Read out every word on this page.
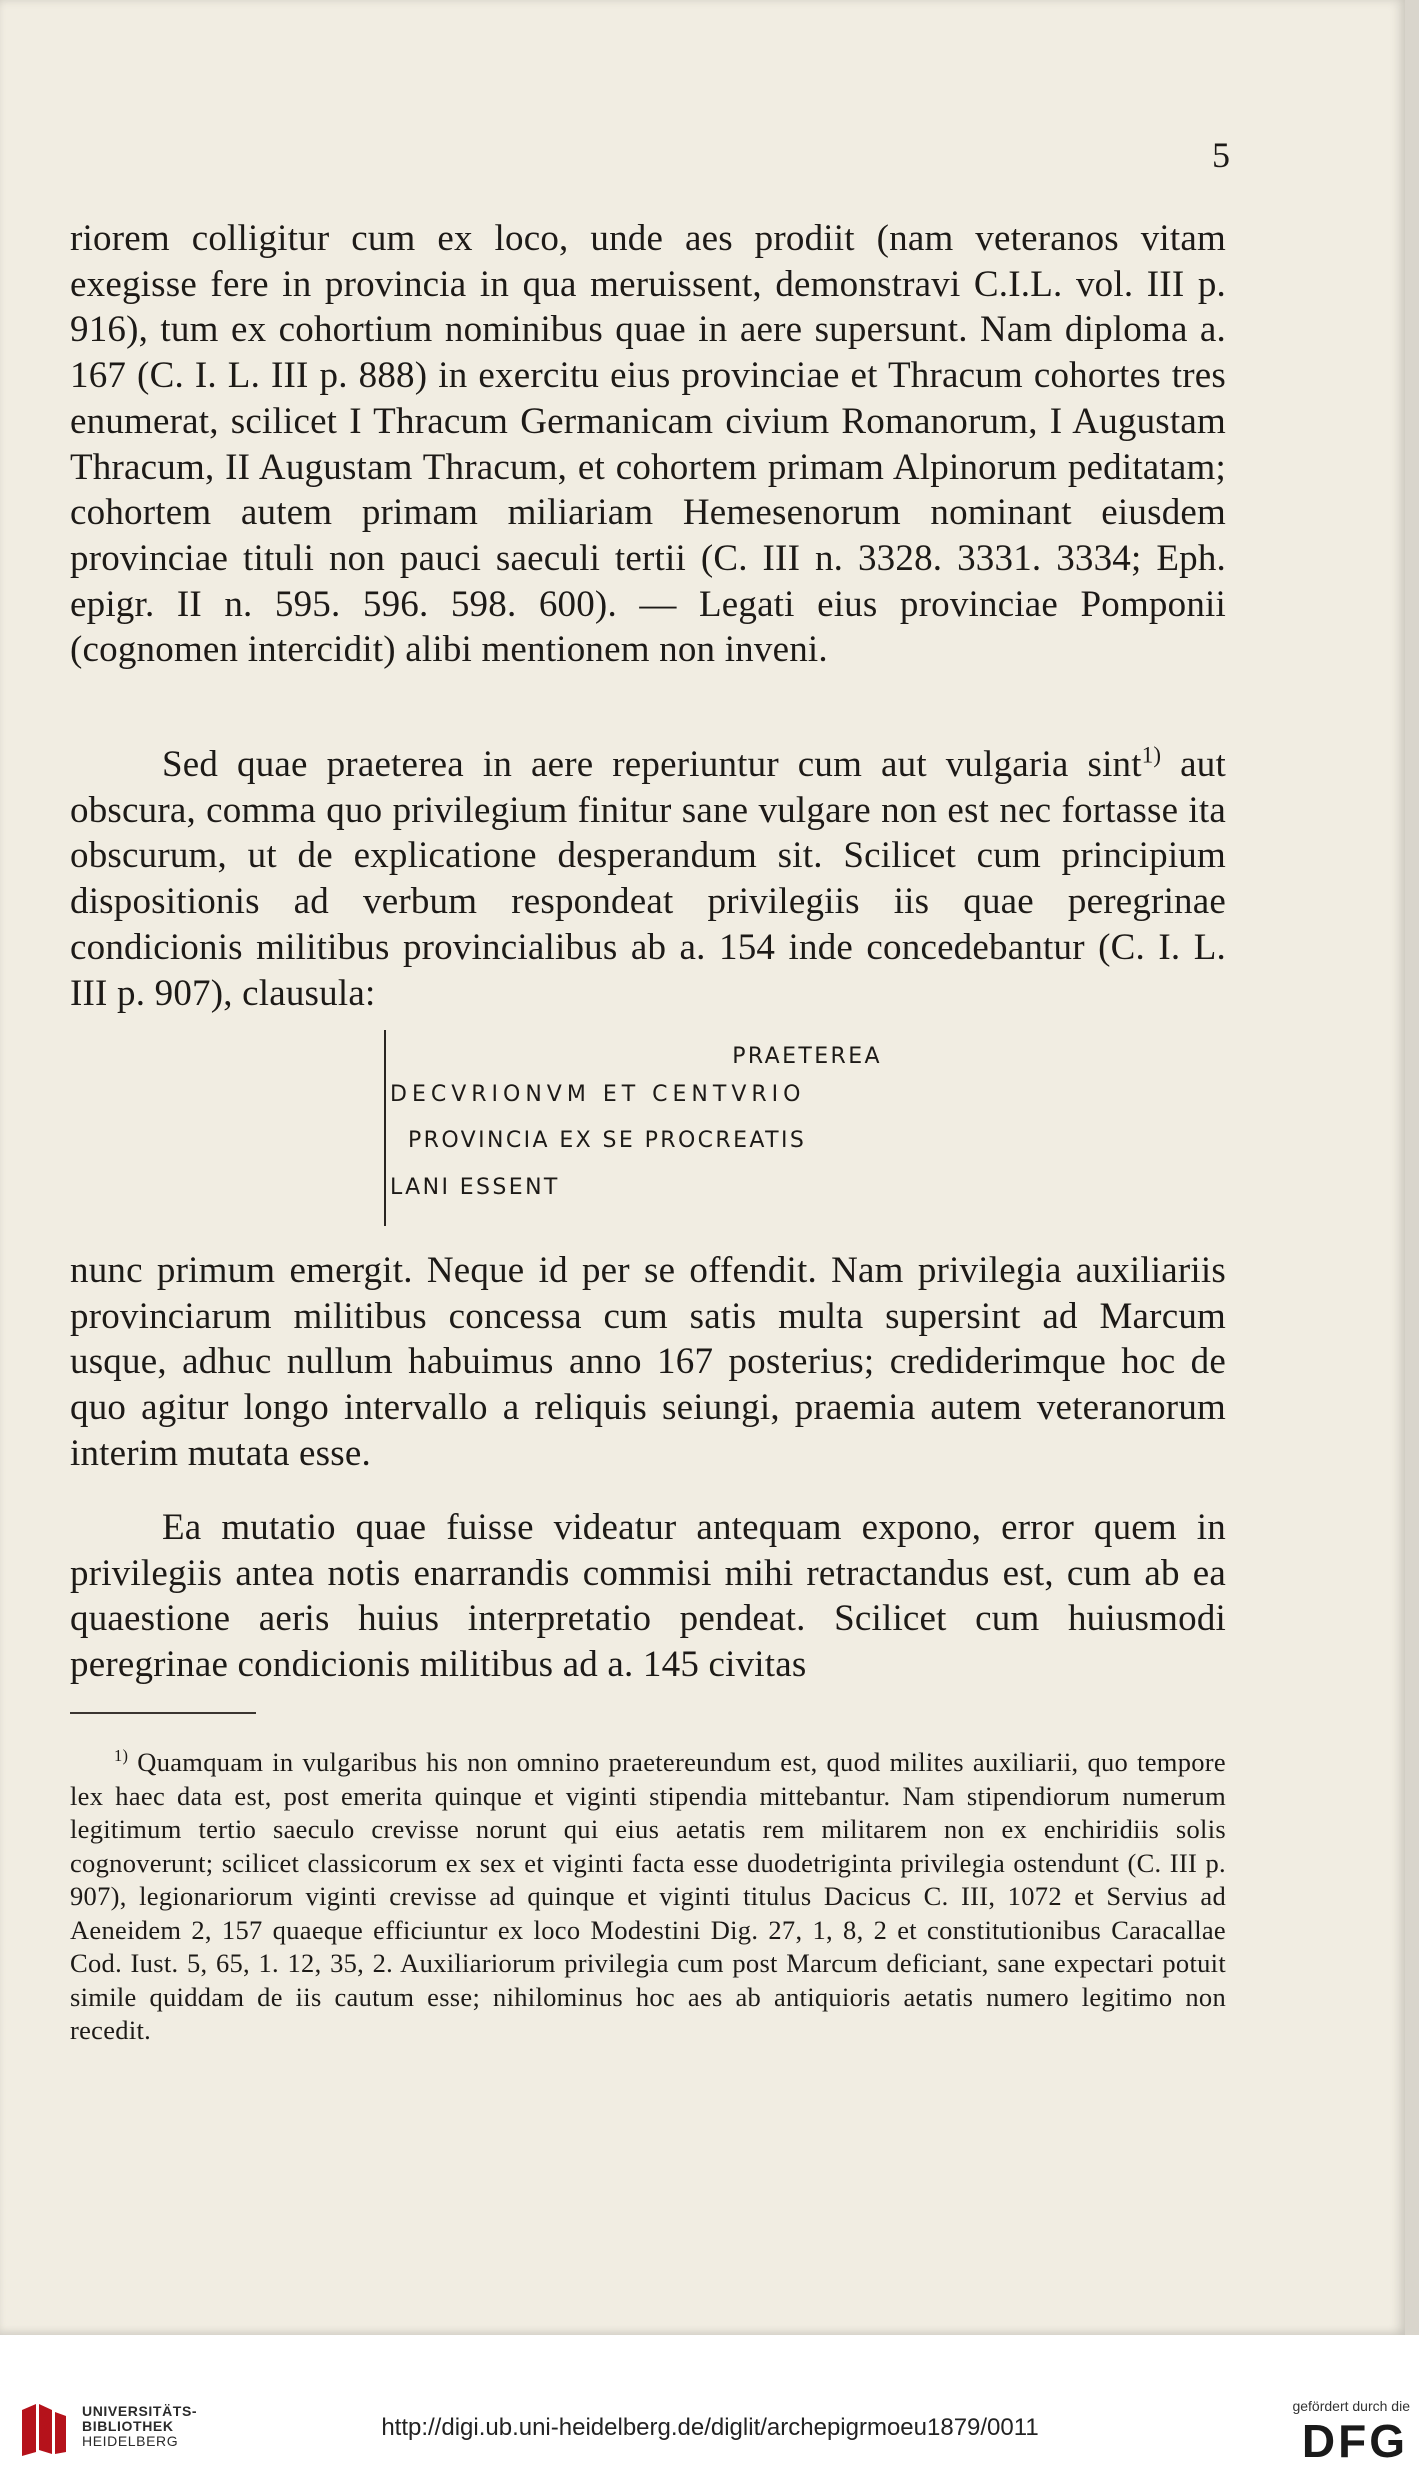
5

riorem colligitur cum ex loco, unde aes prodiit (nam veteranos vitam exegisse fere in provincia in qua meruissent, demonstravi C.I.L. vol. III p. 916), tum ex cohortium nominibus quae in aere supersunt. Nam diploma a. 167 (C. I. L. III p. 888) in exercitu eius provinciae et Thracum cohortes tres enumerat, scilicet I Thracum Germanicam civium Romanorum, I Augustam Thracum, II Augustam Thracum, et cohortem primam Alpinorum peditatam; cohortem autem primam miliariam Hemesenorum nominant eiusdem provinciae tituli non pauci saeculi tertii (C. III n. 3328. 3331. 3334; Eph. epigr. II n. 595. 596. 598. 600). — Legati eius provinciae Pomponii (cognomen intercidit) alibi mentionem non inveni.

Sed quae praeterea in aere reperiuntur cum aut vulgaria sint$^{1)}$ aut obscura, comma quo privilegium finitur sane vulgare non est nec fortasse ita obscurum, ut de explicatione desperandum sit. Scilicet cum principium dispositionis ad verbum respondeat privilegiis iis quae peregrinae condicionis militibus provincialibus ab a. 154 inde concedebantur (C. I. L. III p. 907), clausula:

PRAETEREA
DECVRIONVM ET CENTVRIO
PROVINCIA EX SE PROCREATIS
LANI ESSENT

nunc primum emergit. Neque id per se offendit. Nam privilegia auxiliariis provinciarum militibus concessa cum satis multa supersint ad Marcum usque, adhuc nullum habuimus anno 167 posterius; crediderimque hoc de quo agitur longo intervallo a reliquis seiungi, praemia autem veteranorum interim mutata esse.

Ea mutatio quae fuisse videatur antequam expono, error quem in privilegiis antea notis enarrandis commisi mihi retractandus est, cum ab ea quaestione aeris huius interpretatio pendeat. Scilicet cum huiusmodi peregrinae condicionis militibus ad a. 145 civitas

$^{1)}$ Quamquam in vulgaribus his non omnino praetereundum est, quod milites auxiliarii, quo tempore lex haec data est, post emerita quinque et viginti stipendia mittebantur. Nam stipendiorum numerum legitimum tertio saeculo crevisse norunt qui eius aetatis rem militarem non ex enchiridiis solis cognoverunt; scilicet classicorum ex sex et viginti facta esse duodetriginta privilegia ostendunt (C. III p. 907), legionariorum viginti crevisse ad quinque et viginti titulus Dacicus C. III, 1072 et Servius ad Aeneidem 2, 157 quaeque efficiuntur ex loco Modestini Dig. 27, 1, 8, 2 et constitutionibus Caracallae Cod. Iust. 5, 65, 1. 12, 35, 2. Auxiliariorum privilegia cum post Marcum deficiant, sane expectari potuit simile quiddam de iis cautum esse; nihilominus hoc aes ab antiquioris aetatis numero legitimo non recedit.
UNIVERSITÄTS-
BIBLIOTHEK
HEIDELBERG	http://digi.ub.uni-heidelberg.de/diglit/archepigrmoeu1879/0011
gefördert durch die
DFG
